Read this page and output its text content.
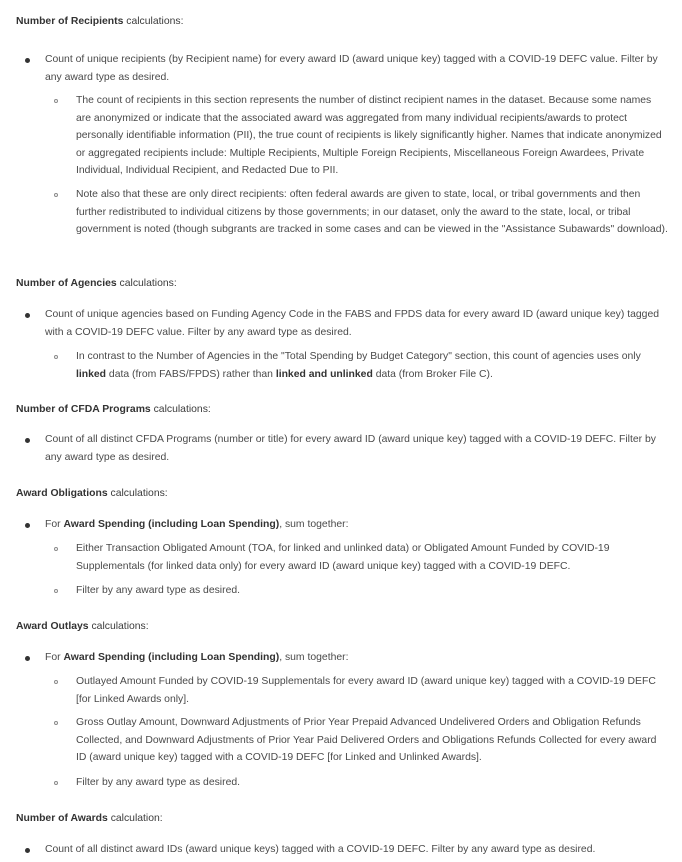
Number of Recipients calculations:

Count of unique recipients (by Recipient name) for every award ID (award unique key) tagged with a COVID-19 DEFC value. Filter by any award type as desired.

The count of recipients in this section represents the number of distinct recipient names in the dataset. Because some names are anonymized or indicate that the associated award was aggregated from many individual recipients/awards to protect personally identifiable information (PII), the true count of recipients is likely significantly higher. Names that indicate anonymized or aggregated recipients include: Multiple Recipients, Multiple Foreign Recipients, Miscellaneous Foreign Awardees, Private Individual, Individual Recipient, and Redacted Due to PII.

Note also that these are only direct recipients: often federal awards are given to state, local, or tribal governments and then further redistributed to individual citizens by those governments; in our dataset, only the award to the state, local, or tribal government is noted (though subgrants are tracked in some cases and can be viewed in the "Assistance Subawards" download).

Number of Agencies calculations:

Count of unique agencies based on Funding Agency Code in the FABS and FPDS data for every award ID (award unique key) tagged with a COVID-19 DEFC value. Filter by any award type as desired.

In contrast to the Number of Agencies in the "Total Spending by Budget Category" section, this count of agencies uses only linked data (from FABS/FPDS) rather than linked and unlinked data (from Broker File C).

Number of CFDA Programs calculations:

Count of all distinct CFDA Programs (number or title) for every award ID (award unique key) tagged with a COVID-19 DEFC. Filter by any award type as desired.

Award Obligations calculations:

For Award Spending (including Loan Spending), sum together:

Either Transaction Obligated Amount (TOA, for linked and unlinked data) or Obligated Amount Funded by COVID-19 Supplementals (for linked data only) for every award ID (award unique key) tagged with a COVID-19 DEFC.

Filter by any award type as desired.

Award Outlays calculations:

For Award Spending (including Loan Spending), sum together:

Outlayed Amount Funded by COVID-19 Supplementals for every award ID (award unique key) tagged with a COVID-19 DEFC [for Linked Awards only].

Gross Outlay Amount, Downward Adjustments of Prior Year Prepaid Advanced Undelivered Orders and Obligation Refunds Collected, and Downward Adjustments of Prior Year Paid Delivered Orders and Obligations Refunds Collected for every award ID (award unique key) tagged with a COVID-19 DEFC [for Linked and Unlinked Awards].

Filter by any award type as desired.

Number of Awards calculation:

Count of all distinct award IDs (award unique keys) tagged with a COVID-19 DEFC. Filter by any award type as desired.
